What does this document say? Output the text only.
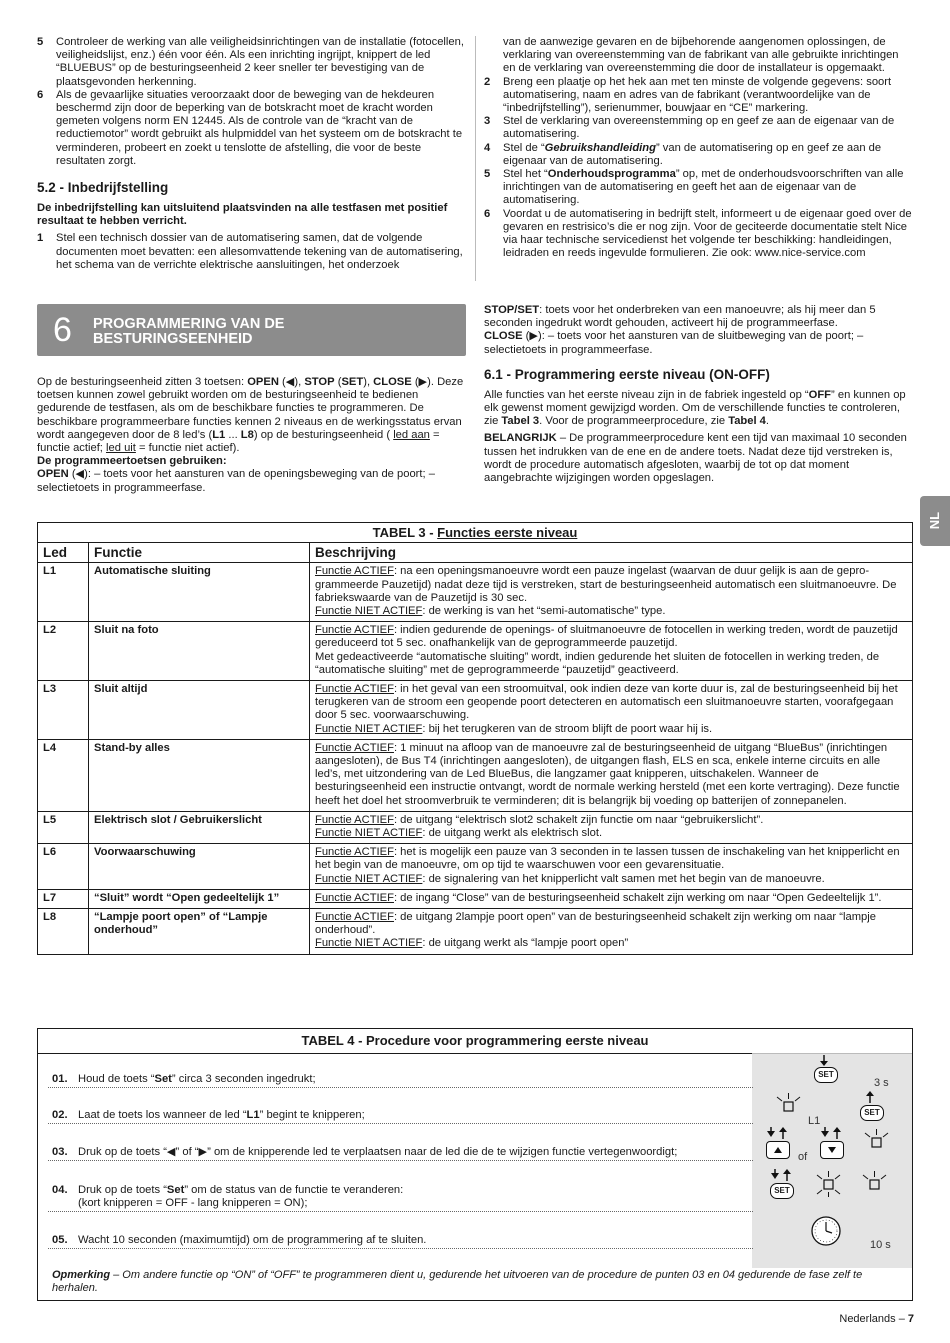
5	Controleer de werking van alle veiligheidsinrichtingen van de installatie (fotocellen, veiligheidslijst, enz.) één voor één. Als een inrichting ingrijpt, knippert de led “BLUEBUS” op de besturingseenheid 2 keer sneller ter bevestiging van de plaatsgevonden herkenning.
6	Als de gevaarlijke situaties veroorzaakt door de beweging van de hekdeuren beschermd zijn door de beperking van de botskracht moet de kracht worden gemeten volgens norm EN 12445. Als de controle van de “kracht van de reductiemotor” wordt gebruikt als hulpmiddel van het systeem om de botskracht te verminderen, probeert en zoekt u tenslotte de afstelling, die voor de beste resultaten zorgt.
5.2 - Inbedrijfstelling

De inbedrijfstelling kan uitsluitend plaatsvinden na alle testfasen met positief resultaat te hebben verricht.

1	Stel een technisch dossier van de automatisering samen, dat de volgende documenten moet bevatten: een allesomvattende tekening van de automatisering, het schema van de verrichte elektrische aansluitingen, het onderzoek
van de aanwezige gevaren en de bijbehorende aangenomen oplossingen, de verklaring van overeenstemming van de fabrikant van alle gebruikte inrichtingen en de verklaring van overeenstemming die door de installateur is opgemaakt.
2	Breng een plaatje op het hek aan met ten minste de volgende gegevens: soort automatisering, naam en adres van de fabrikant (verantwoordelijke van de “inbedrijfstelling”), serienummer, bouwjaar en “CE” markering.
3	Stel de verklaring van overeenstemming op en geef ze aan de eigenaar van de automatisering.
4	Stel de “Gebruikshandleiding” van de automatisering op en geef ze aan de eigenaar van de automatisering.
5	Stel het “Onderhoudsprogramma” op, met de onderhoudsvoorschriften van alle inrichtingen van de automatisering en geeft het aan de eigenaar van de automatisering.
6	Voordat u de automatisering in bedrijft stelt, informeert u de eigenaar goed over de gevaren en restrisico’s die er nog zijn. Voor de geciteerde documentatie stelt Nice via haar technische servicedienst het volgende ter beschikking: handleidingen, leidraden en reeds ingevulde formulieren. Zie ook: www.nice-service.com
6 PROGRAMMERING VAN DE
BESTURINGSEENHEID

Op de besturingseenheid zitten 3 toetsen: OPEN (◀), STOP (SET), CLOSE (▶). Deze toetsen kunnen zowel gebruikt worden om de besturingseenheid te bedienen gedurende de testfasen, als om de beschikbare functies te programmeren. De beschikbare programmeerbare functies kennen 2 niveaus en de werkingsstatus ervan wordt aangegeven door de 8 led’s (L1 ... L8) op de besturingseenheid ( led aan = functie actief; led uit = functie niet actief).

De programmeertoetsen gebruiken:

OPEN (◀): – toets voor het aansturen van de openingsbeweging van de poort; – selectietoets in programmeerfase.

STOP/SET: toets voor het onderbreken van een manoeuvre; als hij meer dan 5 seconden ingedrukt wordt gehouden, activeert hij de programmeerfase.

CLOSE (▶): – toets voor het aansturen van de sluitbeweging van de poort; – selectietoets in programmeerfase.

6.1 - Programmering eerste niveau (ON-OFF)

Alle functies van het eerste niveau zijn in de fabriek ingesteld op “OFF” en kunnen op elk gewenst moment gewijzigd worden. Om de verschillende functies te controleren, zie Tabel 3. Voor de programmeerprocedure, zie Tabel 4.

BELANGRIJK – De programmeerprocedure kent een tijd van maximaal 10 seconden tussen het indrukken van de ene en de andere toets. Nadat deze tijd verstreken is, wordt de procedure automatisch afgesloten, waarbij de tot op dat moment aangebrachte wijzigingen worden opgeslagen.

NL
TABEL 3 - Functies eerste niveau		
Led	Functie	Beschrijving
L1	Automatische sluiting	Functie ACTIEF: na een openingsmanoeuvre wordt een pauze ingelast (waarvan de duur gelijk is aan de geprogrammeerde Pauzetijd) nadat deze tijd is verstreken, start de besturingseenheid automatisch een sluitmanoeuvre. De fabriekswaarde van de Pauzetijd is 30 sec.
Functie NIET ACTIEF: de werking is van het “semi-automatische” type.

L2	Sluit na foto	Functie ACTIEF: indien gedurende de openings- of sluitmanoeuvre de fotocellen in werking treden, wordt de pauzetijd gereduceerd tot 5 sec. onafhankelijk van de geprogrammeerde pauzetijd.
Met gedeactiveerde “automatische sluiting” wordt, indien gedurende het sluiten de fotocellen in werking treden, de “automatische sluiting” met de geprogrammeerde “pauzetijd” geactiveerd.

L3	Sluit altijd	Functie ACTIEF: in het geval van een stroomuitval, ook indien deze van korte duur is, zal de besturingseenheid bij het terugkeren van de stroom een geopende poort detecteren en automatisch een sluitmanoeuvre starten, voorafgegaan door 5 sec. voorwaarschuwing.
Functie NIET ACTIEF: bij het terugkeren van de stroom blijft de poort waar hij is.

L4	Stand-by alles	Functie ACTIEF: 1 minuut na afloop van de manoeuvre zal de besturingseenheid de uitgang “BlueBus” (inrichtingen aangesloten), de Bus T4 (inrichtingen aangesloten), de uitgangen flash, ELS en sca, enkele interne circuits en alle led’s, met uitzondering van de Led BlueBus, die langzamer gaat knipperen, uitschakelen. Wanneer de besturingseenheid een instructie ontvangt, wordt de normale werking hersteld (met een korte vertraging). Deze functie heeft het doel het stroomverbruik te verminderen; dit is belangrijk bij voeding op batterijen of zonnepanelen.

L5	Elektrisch slot / Gebruikerslicht	Functie ACTIEF: de uitgang “elektrisch slot2 schakelt zijn functie om naar “gebruikerslicht”.
Functie NIET ACTIEF: de uitgang werkt als elektrisch slot.

L6	Voorwaarschuwing	Functie ACTIEF: het is mogelijk een pauze van 3 seconden in te lassen tussen de inschakeling van het knipperlicht en het begin van de manoeuvre, om op tijd te waarschuwen voor een gevarensituatie.
Functie NIET ACTIEF: de signalering van het knipperlicht valt samen met het begin van de manoeuvre.

L7	“Sluit” wordt “Open gedeeltelijk 1”	Functie ACTIEF: de ingang “Close” van de besturingseenheid schakelt zijn werking om naar “Open Gedeeltelijk 1”.

L8	“Lampje poort open” of “Lampje onderhoud”	Functie ACTIEF: de uitgang 2lampje poort open” van de besturingseenheid schakelt zijn werking om naar “lampje onderhoud”.
Functie NIET ACTIEF: de uitgang werkt als “lampje poort open”
TABEL 4 - Procedure voor programmering eerste niveau
01. Houd de toets “Set” circa 3 seconden ingedrukt;
02. Laat de toets los wanneer de led “L1” begint te knipperen;
03. Druk op de toets “◀” of “▶” om de knipperende led te verplaatsen naar de led die de te wijzigen functie vertegenwoordigt;
04. Druk op de toets “Set” om de status van de functie te veranderen:
(kort knipperen = OFF - lang knipperen = ON);
05. Wacht 10 seconden (maximumtijd) om de programmering af te sluiten.
SET
3 s
L1
SET
of
SET
10 s
Opmerking – Om andere functie op “ON” of “OFF” te programmeren dient u, gedurende het uitvoeren van de procedure de punten 03 en 04 gedurende de fase zelf te herhalen.
Nederlands – 7
